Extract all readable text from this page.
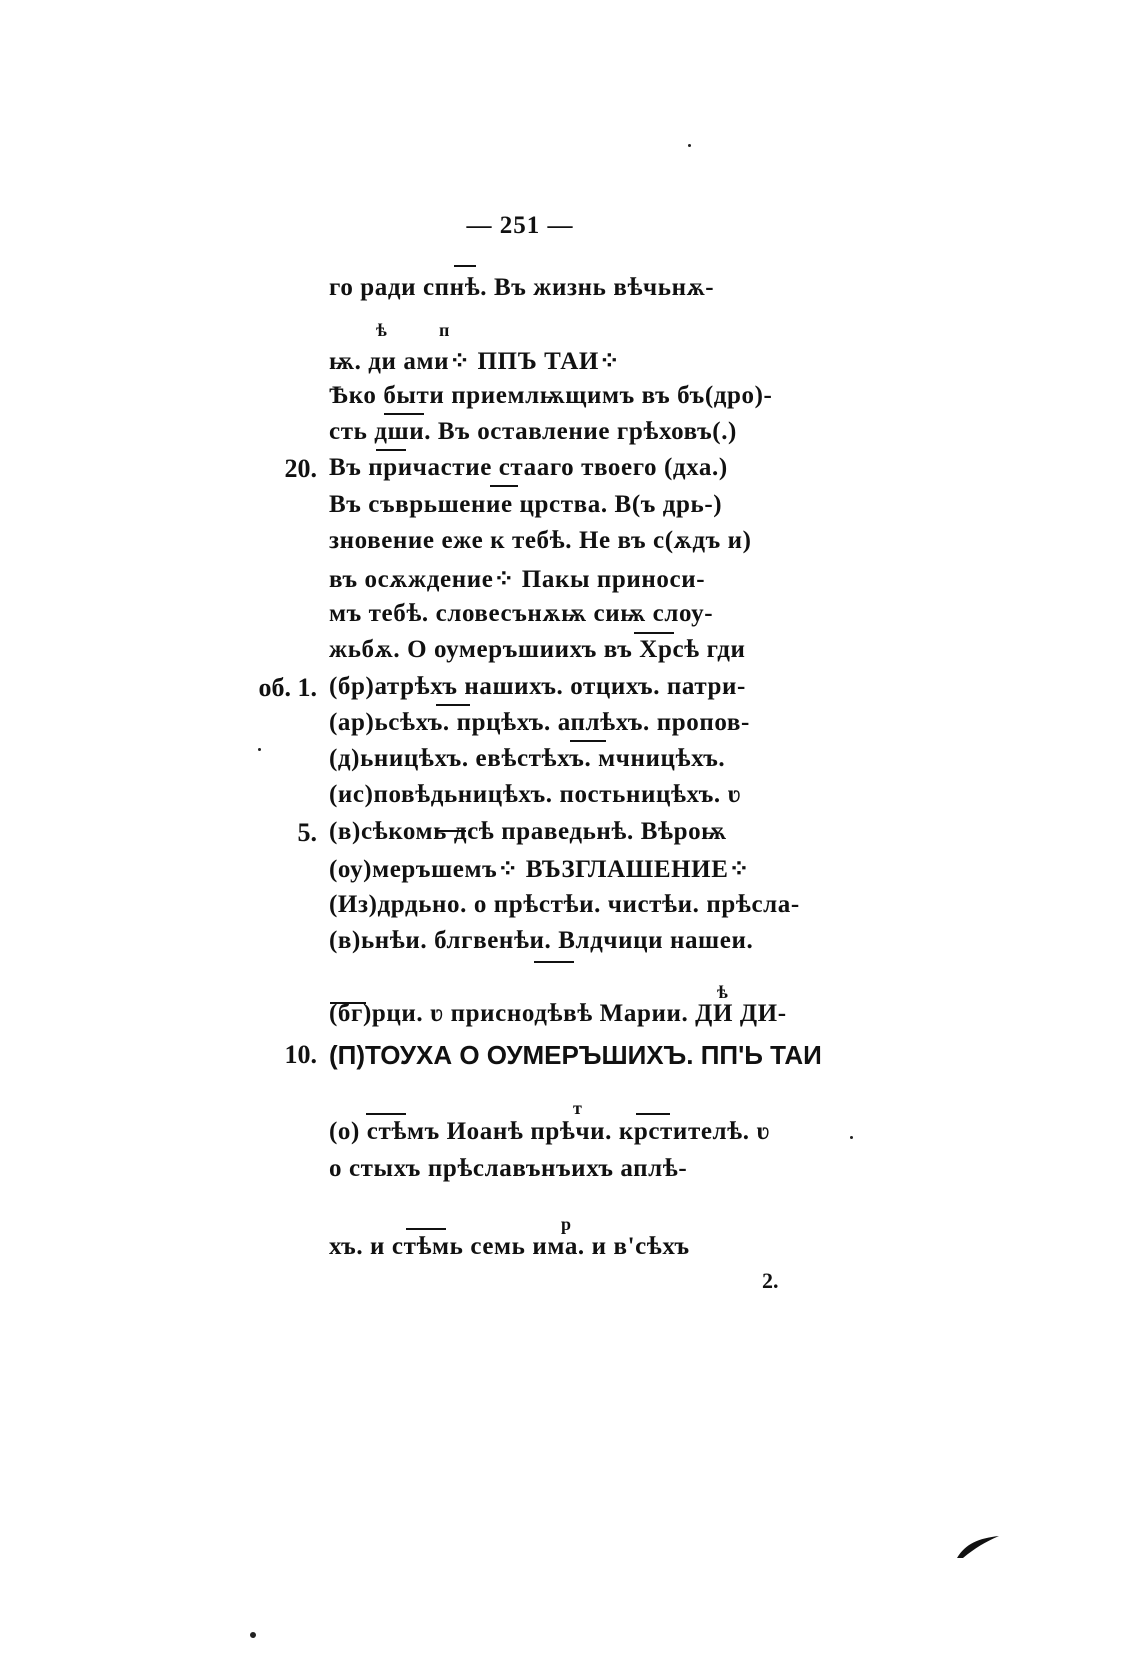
— 251 —
ѣ	п
ѣ
т
р
го ради спнѣ. Въ жизнь вѣчьнѫ-
ѭ. ди ами⁘ ППЪ ТАИ⁘
Ѣко быти приемлѭщимъ въ бъ(дро)-
сть дши. Въ оставление грѣховъ(.)
20. Въ причастие стааго твоего (дха.)
Въ съврьшение црства. В(ъ дрь-)
зновение еже к тебѣ. Не въ с(ѫдъ и)
въ осѫждение⁘ Пакы приноси-
мъ тебѣ. словесънѫѭ сиѭ слоу-
жьбѫ. О оумеръшиихъ въ Хрсѣ гди
об. 1. (бр)атрѣхъ нашихъ. отцихъ. патри-
(ар)ьсѣхъ. прцѣхъ. аплѣхъ. пропов-
(д)ьницѣхъ. евѣстѣхъ. мчницѣхъ.
(ис)повѣдьницѣхъ. постьницѣхъ. ʋ
5. (в)сѣкомь дсѣ праведьнѣ. Вѣроѭ
(оу)меръшемъ⁘ ВЪЗГЛАШЕНИЕ⁘
(Из)дрдьно. о прѣстѣи. чистѣи. прѣсла-
(в)ьнѣи. блгвенѣи. Влдчици нашеи.
(бг)рци. ʋ приснодѣвѣ Марии. ДИ ДИ-
10. (П)ТОУХА О ОУМЕРЪШИХЪ. ПП'Ь ТАИ
(о) стѣмъ Иоанѣ прѣчи. крстителѣ. ʋ
о стыхъ прѣславънъихъ аплѣ-
хъ. и стѣмь семь има. и в'сѣхъ
2.
